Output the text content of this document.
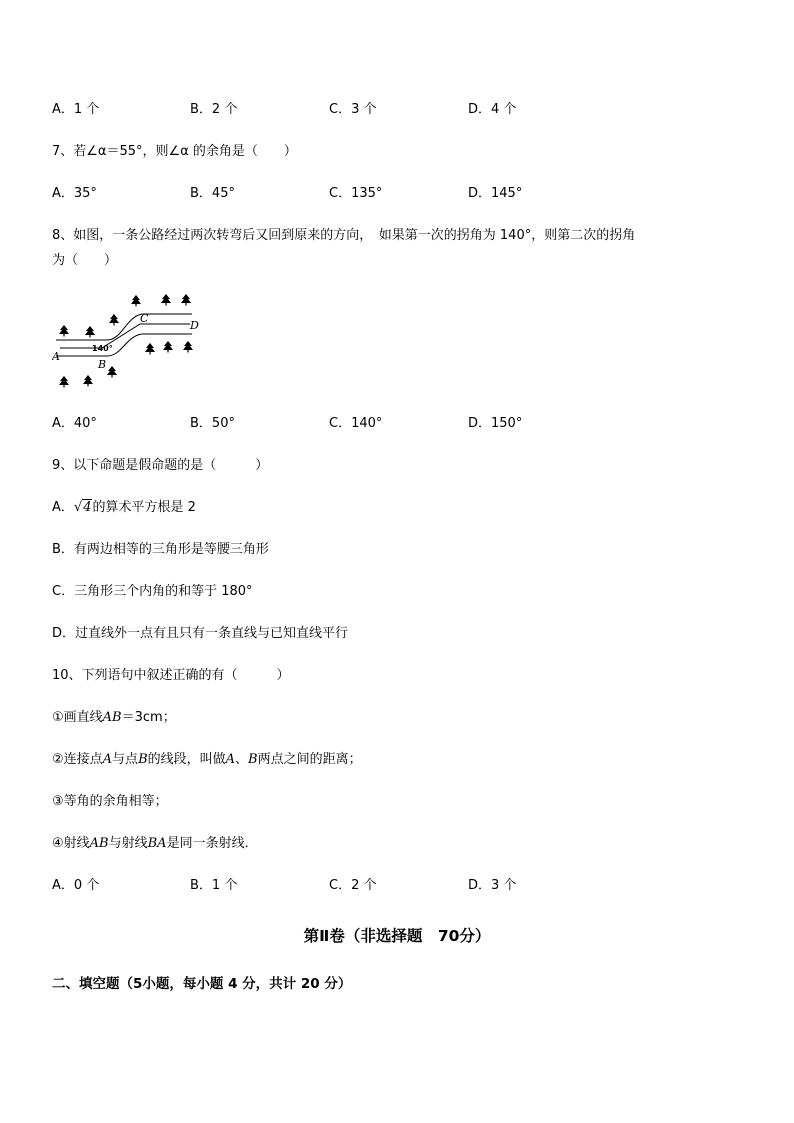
A．1 个	B．2 个	C．3 个	D．4 个
7、若∠α＝55°，则∠α 的余角是（　　）
A．35°	B．45°	C．135°	D．145°
8、如图，一条公路经过两次转弯后又回到原来的方向，　如果第一次的拐角为 140°，则第二次的拐角
为（　　）
A
B
C
D
140°
A．40°	B．50°	C．140°	D．150°
9、以下命题是假命题的是（　　　）
A．√4的算术平方根是 2
B．有两边相等的三角形是等腰三角形
C．三角形三个内角的和等于 180°
D．过直线外一点有且只有一条直线与已知直线平行
10、下列语句中叙述正确的有（　　　）
①画直线AB＝3cm；
②连接点A与点B的线段，叫做A、B两点之间的距离；
③等角的余角相等；
④射线AB与射线BA是同一条射线．
A．0 个	B．1 个	C．2 个	D．3 个
第Ⅱ卷（非选择题　70分）
二、填空题（5小题，每小题 4 分，共计 20 分）
